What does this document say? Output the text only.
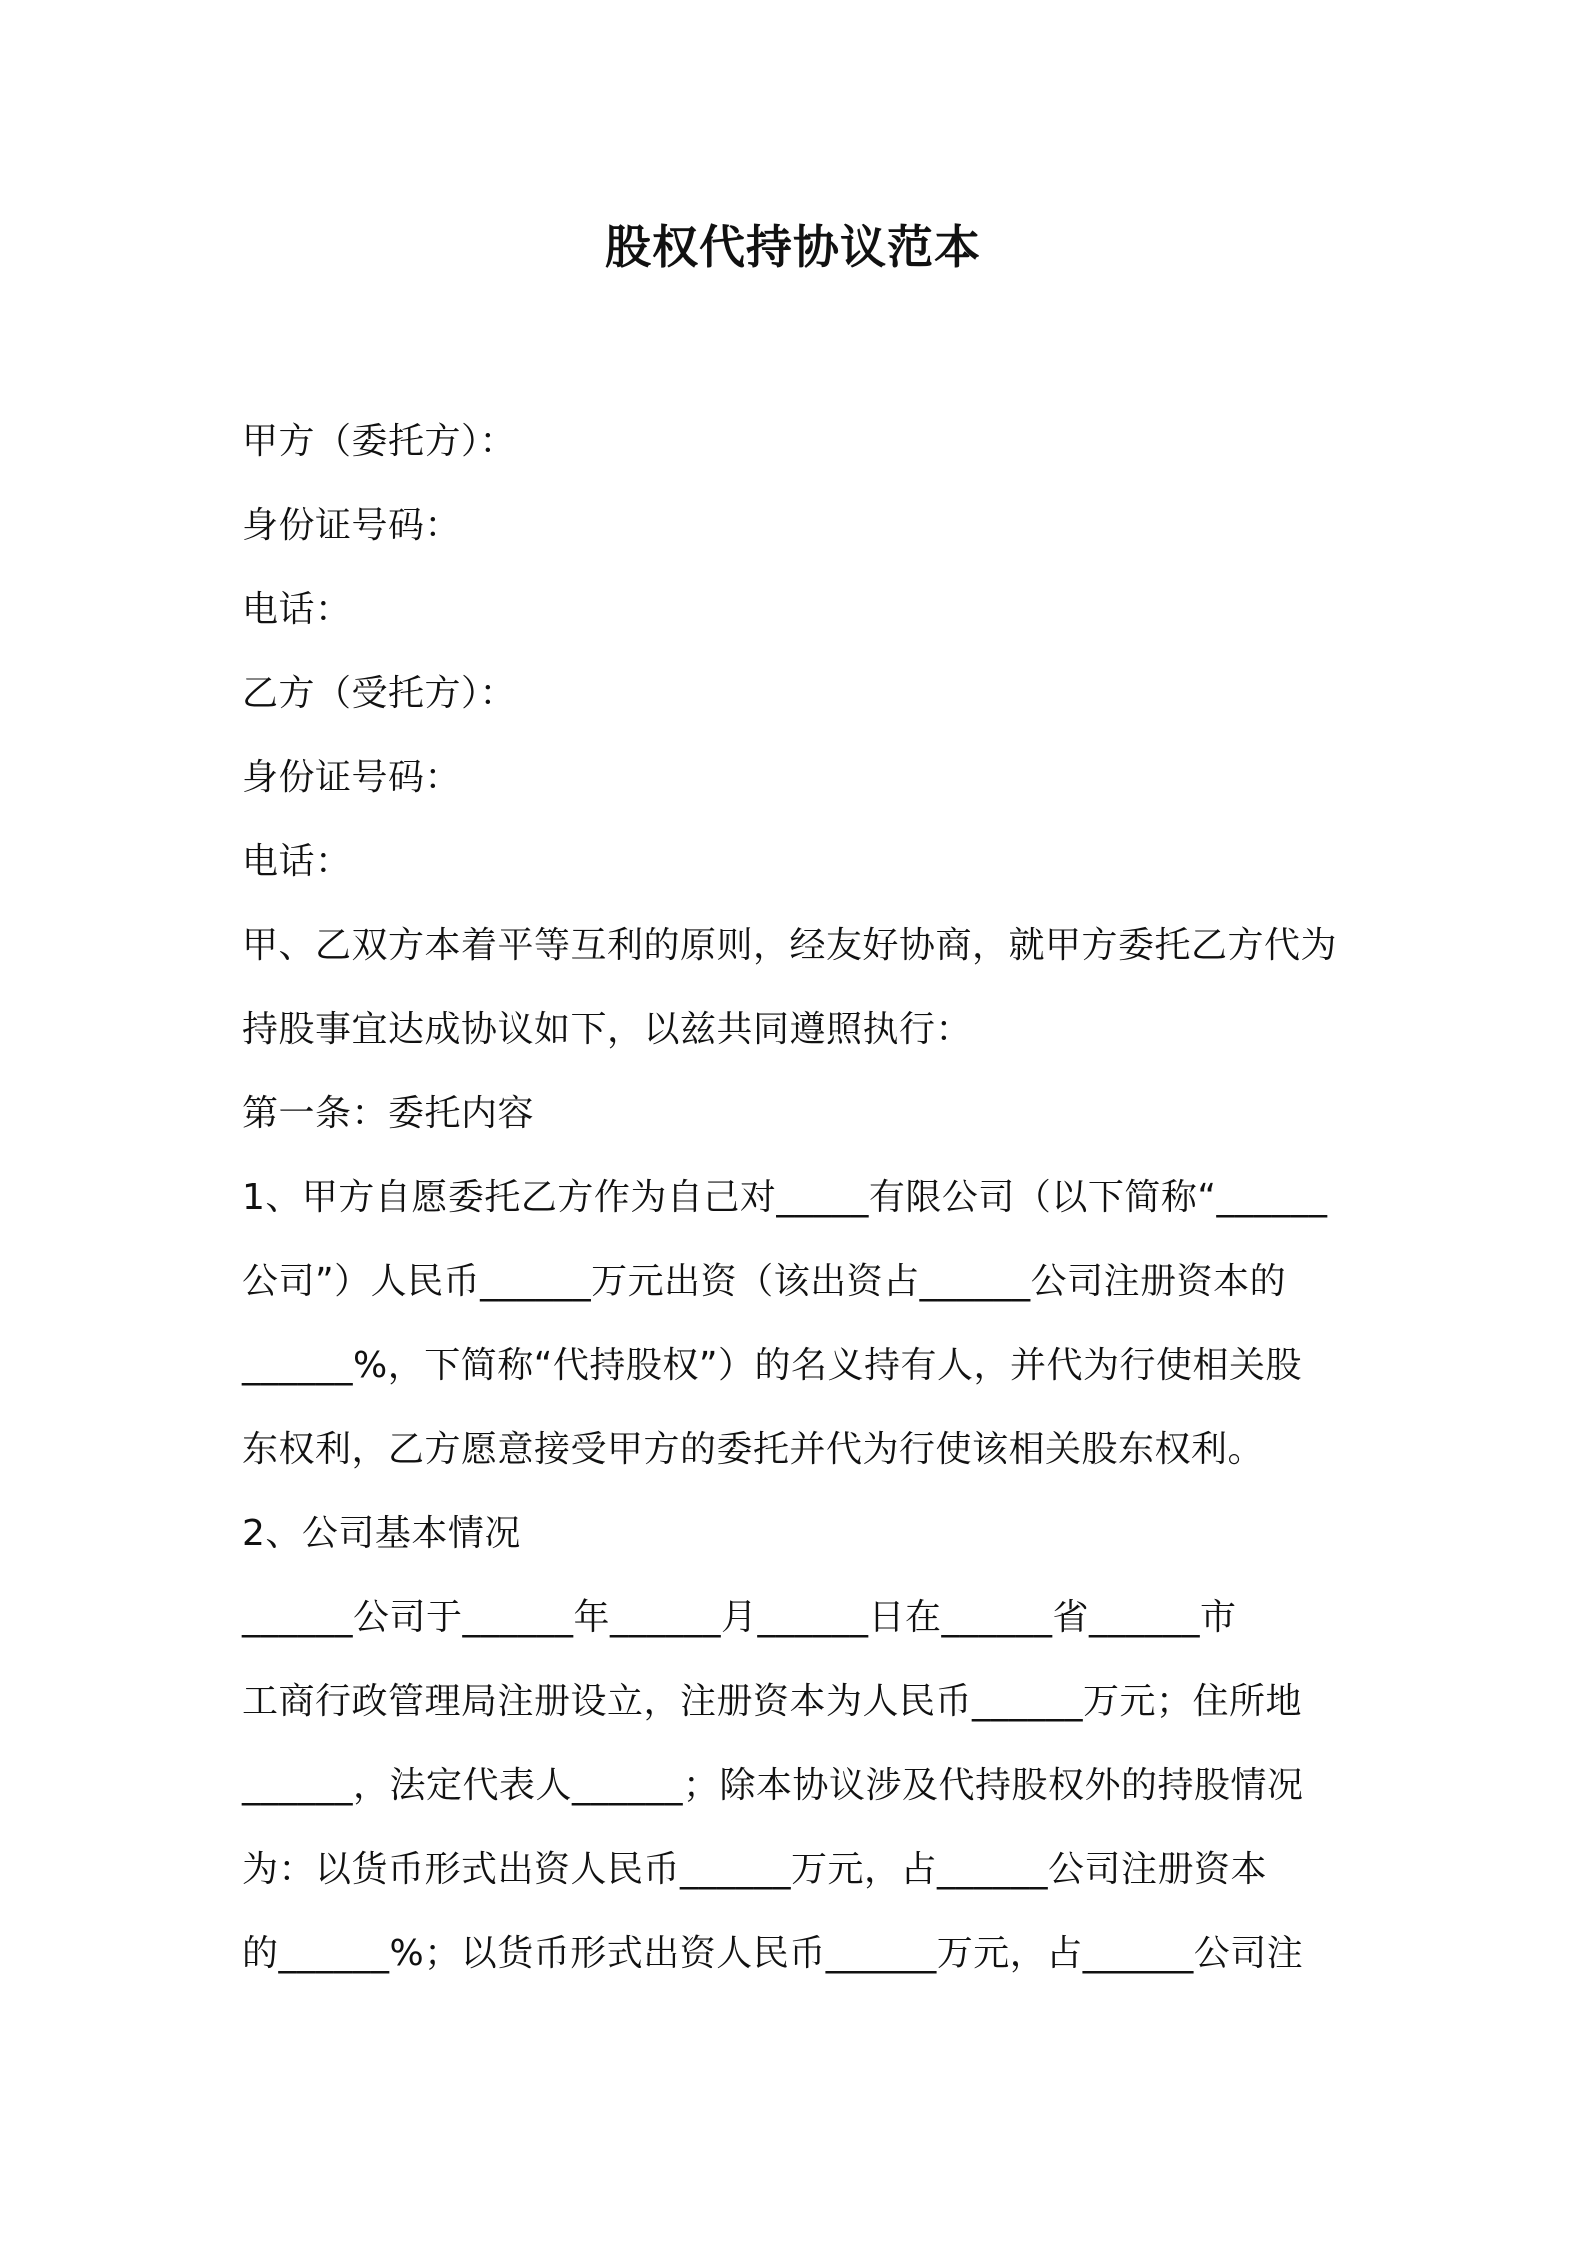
股权代持协议范本
甲方（委托方）：
身份证号码：
电话：
乙方（受托方）：
身份证号码：
电话：
甲、乙双方本着平等互利的原则，经友好协商，就甲方委托乙方代为
持股事宜达成协议如下，以兹共同遵照执行：
第一条：委托内容
1、甲方自愿委托乙方作为自己对_____有限公司（以下简称“______
公司”）人民币______万元出资（该出资占______公司注册资本的
______%，下简称“代持股权”）的名义持有人，并代为行使相关股
东权利，乙方愿意接受甲方的委托并代为行使该相关股东权利。
2、公司基本情况
______公司于______年______月______日在______省______市
工商行政管理局注册设立，注册资本为人民币______万元；住所地
______，法定代表人______；除本协议涉及代持股权外的持股情况
为：以货币形式出资人民币______万元，占______公司注册资本
的______%；以货币形式出资人民币______万元，占______公司注
